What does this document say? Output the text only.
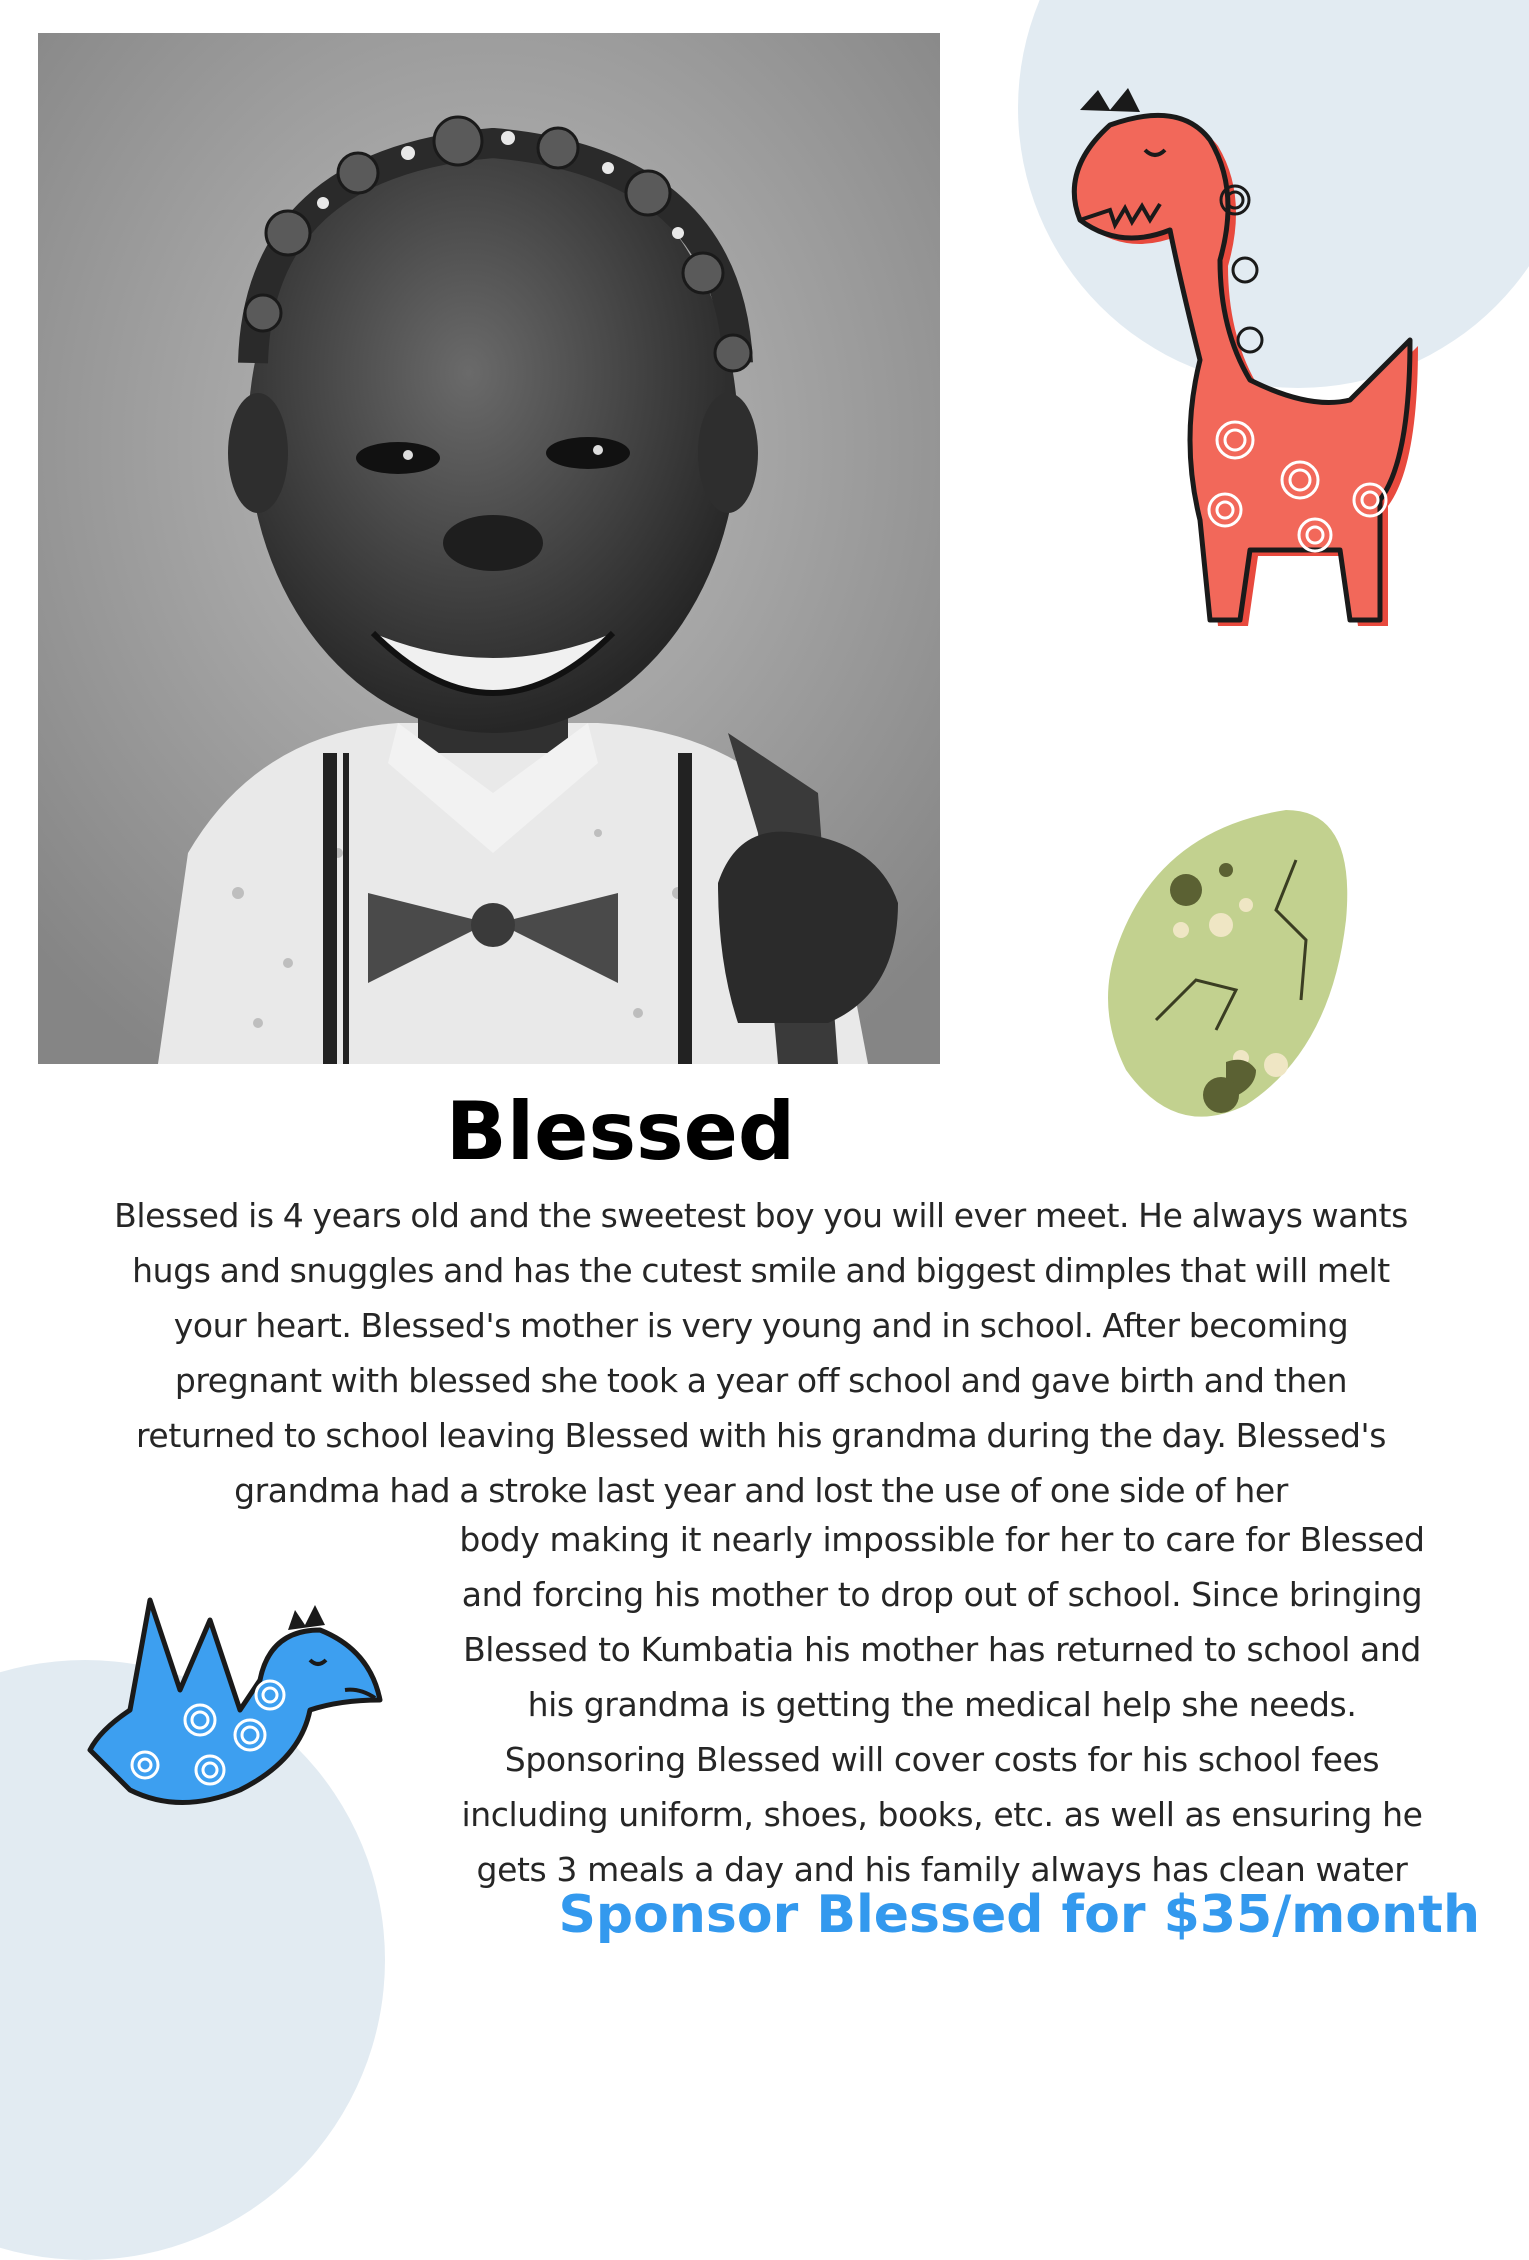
Blessed

Blessed is 4 years old and the sweetest boy you will ever meet. He always wants
hugs and snuggles and has the cutest smile and biggest dimples that will melt
your heart. Blessed's mother is very young and in school. After becoming
pregnant with blessed she took a year off school and gave birth and then
returned to school leaving Blessed with his grandma during the day. Blessed's
grandma had a stroke last year and lost the use of one side of her

body making it nearly impossible for her to care for Blessed
and forcing his mother to drop out of school. Since bringing
Blessed to Kumbatia his mother has returned to school and
his grandma is getting the medical help she needs.
Sponsoring Blessed will cover costs for his school fees
including uniform, shoes, books, etc. as well as ensuring he
gets 3 meals a day and his family always has clean water

Sponsor Blessed for $35/month
